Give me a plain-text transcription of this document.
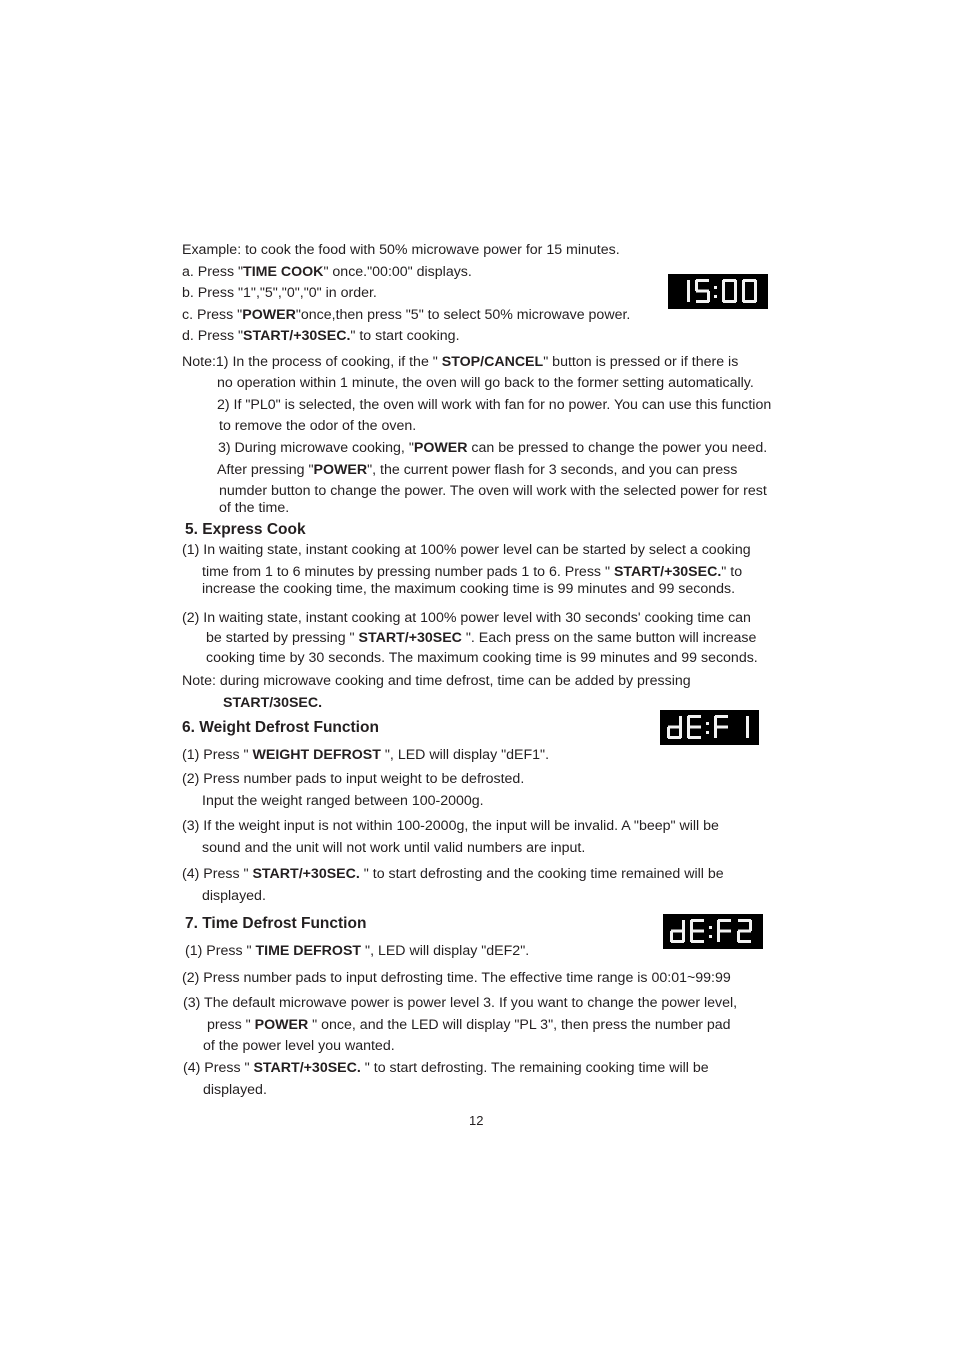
Example: to cook the food with 50% microwave power for 15 minutes.
a. Press "TIME COOK" once."00:00" displays.
b. Press "1","5","0","0" in order.
c. Press "POWER"once,then press "5" to select 50% microwave power.
d. Press "START/+30SEC." to start cooking.
Note:1) In the process of cooking, if the " STOP/CANCEL" button is pressed or if there is
no operation within 1 minute, the oven will go back to the former setting automatically.
2) If "PL0" is selected, the oven will work with fan for no power. You can use this function
to remove the odor of the oven.
3) During microwave cooking, "POWER can be pressed to change the power you need.
After pressing "POWER", the current power flash for 3 seconds, and you can press
numder button to change the power. The oven will work with the selected power for rest
of the time.
5. Express Cook
(1) In waiting state, instant cooking at 100% power level can be started by select a cooking
time from 1 to 6 minutes by pressing number pads 1 to 6. Press " START/+30SEC." to
increase the cooking time, the maximum cooking time is 99 minutes and 99 seconds.
(2) In waiting state, instant cooking at 100% power level with 30 seconds' cooking time can
be started by pressing " START/+30SEC ". Each press on the same button will increase
cooking time by 30 seconds. The maximum cooking time is 99 minutes and 99 seconds.
Note: during microwave cooking and time defrost, time can be added by pressing
START/30SEC.
6. Weight Defrost Function
(1) Press " WEIGHT DEFROST ", LED will display "dEF1".
(2) Press number pads to input weight to be defrosted.
Input the weight ranged between 100-2000g.
(3) If the weight input is not within 100-2000g, the input will be invalid. A "beep" will be
sound and the unit will not work until valid numbers are input.
(4) Press " START/+30SEC. " to start defrosting and the cooking time remained will be
displayed.
7. Time Defrost Function
(1) Press " TIME DEFROST ", LED will display "dEF2".
(2) Press number pads to input defrosting time. The effective time range is 00:01~99:99
(3) The default microwave power is power level 3. If you want to change the power level,
press " POWER " once, and the LED will display "PL 3", then press the number pad
of the power level you wanted.
(4) Press " START/+30SEC. " to start defrosting. The remaining cooking time will be
displayed.
12
